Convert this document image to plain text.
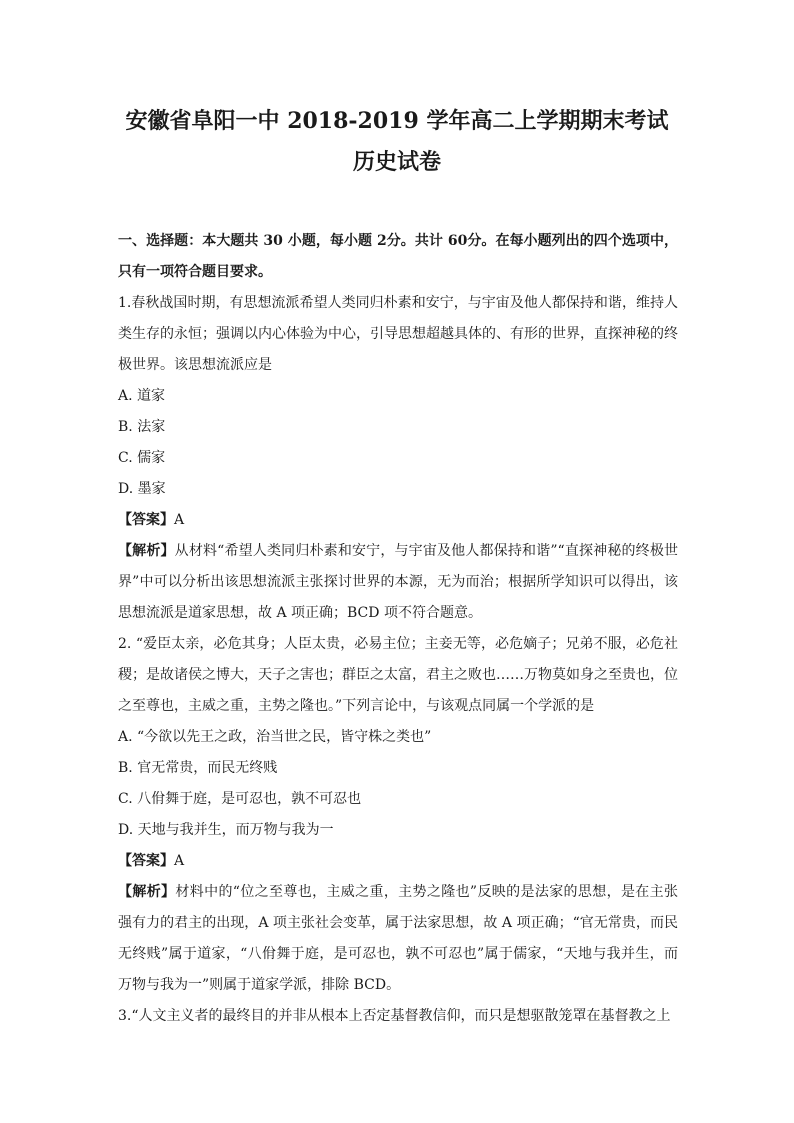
安徽省阜阳一中 2018-2019 学年高二上学期期末考试
历史试卷

一、选择题：本大题共 30 小题，每小题 2分。共计 60分。在每小题列出的四个选项中，只有一项符合题目要求。

1.春秋战国时期，有思想流派希望人类同归朴素和安宁，与宇宙及他人都保持和谐，维持人类生存的永恒；强调以内心体验为中心，引导思想超越具体的、有形的世界，直探神秘的终极世界。该思想流派应是

A. 道家

B. 法家

C. 儒家

D. 墨家

【答案】A

【解析】从材料“希望人类同归朴素和安宁，与宇宙及他人都保持和谐”“直探神秘的终极世界”中可以分析出该思想流派主张探讨世界的本源，无为而治；根据所学知识可以得出，该思想流派是道家思想，故 A 项正确；BCD 项不符合题意。

2. “爱臣太亲，必危其身；人臣太贵，必易主位；主妾无等，必危嫡子；兄弟不服，必危社稷；是故诸侯之博大，天子之害也；群臣之太富，君主之败也……万物莫如身之至贵也，位之至尊也，主威之重，主势之隆也。”下列言论中，与该观点同属一个学派的是

A. “今欲以先王之政，治当世之民，皆守株之类也”

B. 官无常贵，而民无终贱

C. 八佾舞于庭，是可忍也，孰不可忍也

D. 天地与我并生，而万物与我为一

【答案】A

【解析】材料中的“位之至尊也，主威之重，主势之隆也”反映的是法家的思想，是在主张强有力的君主的出现，A 项主张社会变革，属于法家思想，故 A 项正确；“官无常贵，而民无终贱”属于道家，“八佾舞于庭，是可忍也，孰不可忍也”属于儒家，“天地与我并生，而万物与我为一”则属于道家学派，排除 BCD。

3.“人文主义者的最终目的并非从根本上否定基督教信仰，而只是想驱散笼罩在基督教之上
